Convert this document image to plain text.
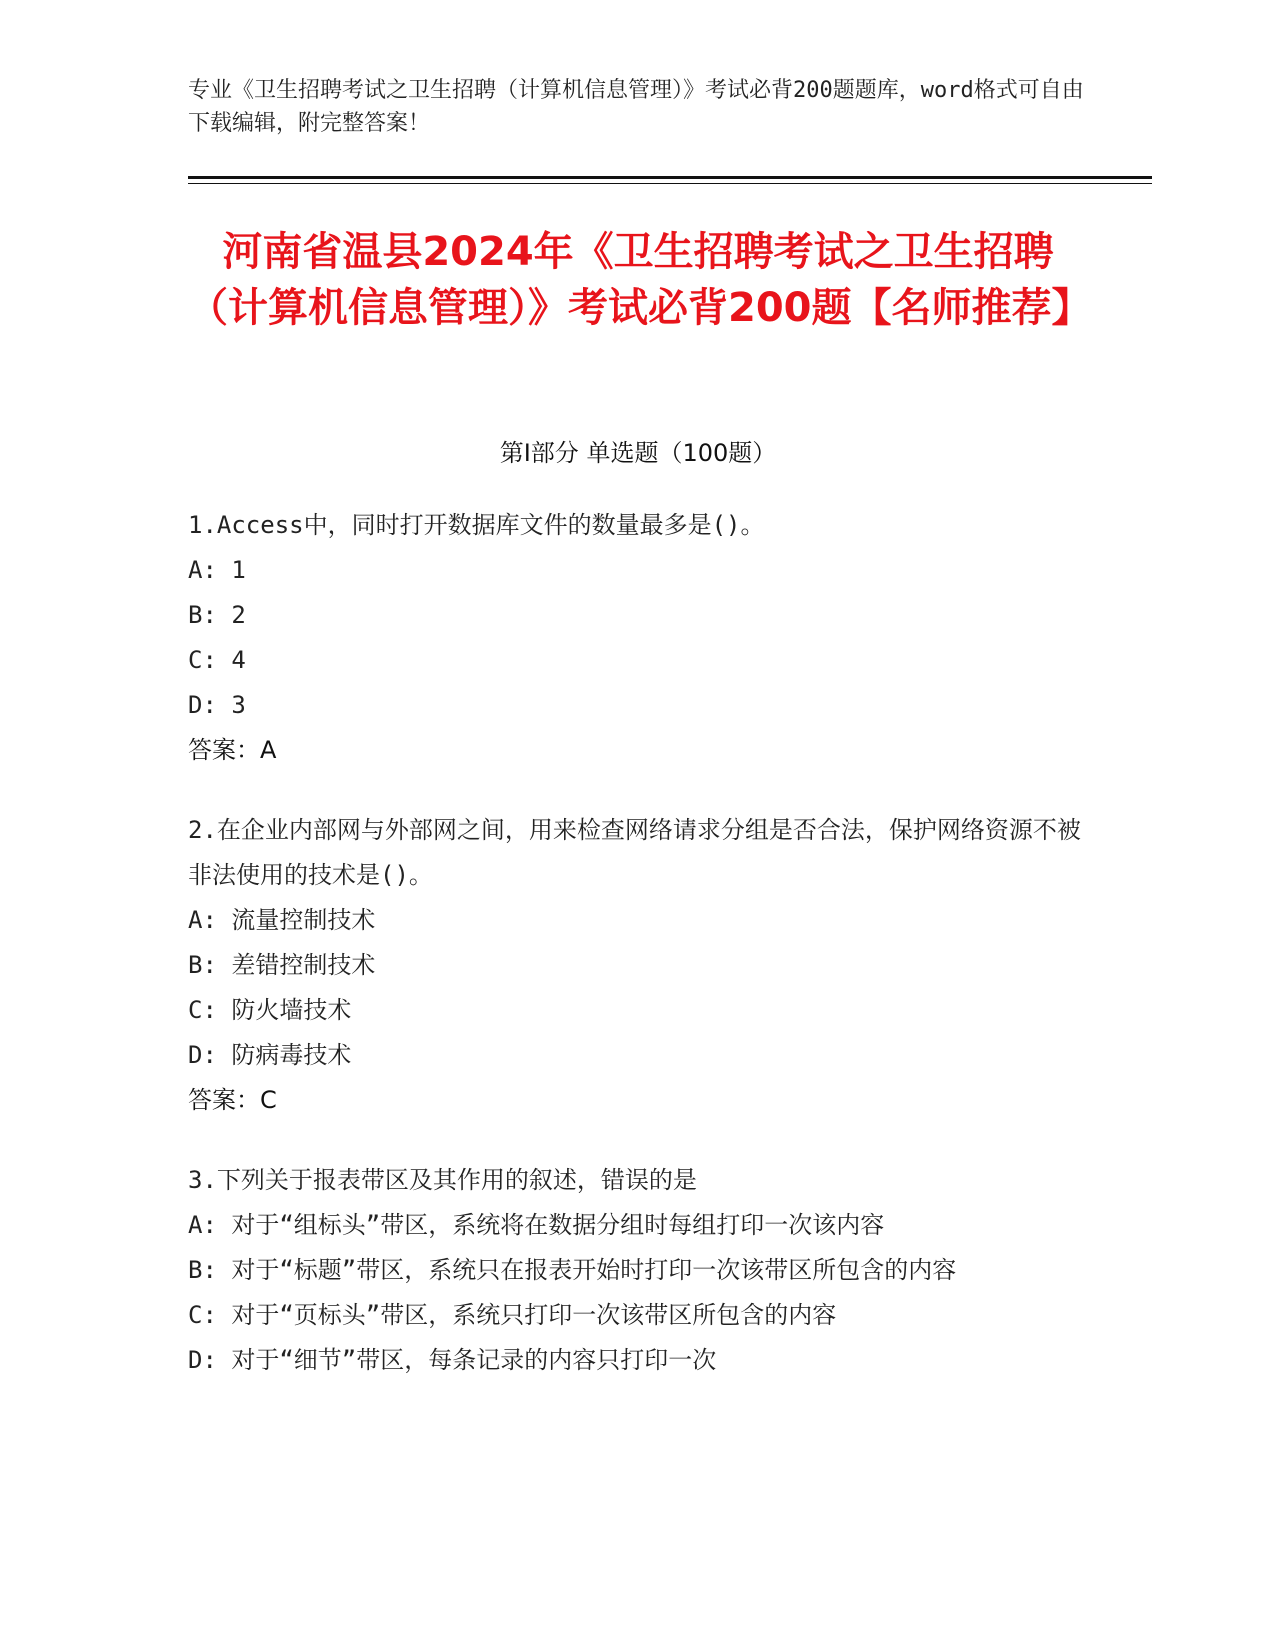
专业《卫生招聘考试之卫生招聘（计算机信息管理）》考试必背200题题库，word格式可自由下载编辑，附完整答案！
河南省温县2024年《卫生招聘考试之卫生招聘（计算机信息管理）》考试必背200题【名师推荐】
第Ⅰ部分 单选题（100题）
1.Access中，同时打开数据库文件的数量最多是()。
A: 1
B: 2
C: 4
D: 3
答案：A
2.在企业内部网与外部网之间，用来检查网络请求分组是否合法，保护网络资源不被非法使用的技术是()。
A: 流量控制技术
B: 差错控制技术
C: 防火墙技术
D: 防病毒技术
答案：C
3.下列关于报表带区及其作用的叙述，错误的是
A: 对于“组标头”带区，系统将在数据分组时每组打印一次该内容
B: 对于“标题”带区，系统只在报表开始时打印一次该带区所包含的内容
C: 对于“页标头”带区，系统只打印一次该带区所包含的内容
D: 对于“细节”带区，每条记录的内容只打印一次
